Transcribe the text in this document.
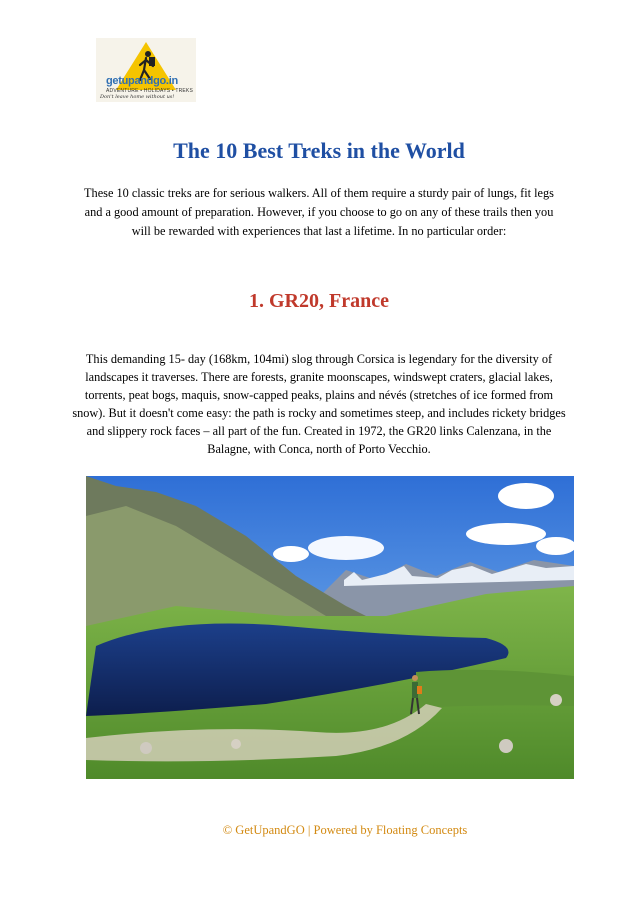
getupandgo.in
ADVENTURE • HOLIDAYS • TREKS
Don't leave home without us!
The 10 Best Treks in the World
These 10 classic treks are for serious walkers. All of them require a sturdy pair of lungs, fit legs and a good amount of preparation. However, if you choose to go on any of these trails then you will be rewarded with experiences that last a lifetime. In no particular order:
1. GR20, France
This demanding 15- day (168km, 104mi) slog through Corsica is legendary for the diversity of landscapes it traverses. There are forests, granite moonscapes, windswept craters, glacial lakes, torrents, peat bogs, maquis, snow-capped peaks, plains and névés (stretches of ice formed from snow). But it doesn't come easy: the path is rocky and sometimes steep, and includes rickety bridges and slippery rock faces – all part of the fun. Created in 1972, the GR20 links Calenzana, in the Balagne, with Conca, north of Porto Vecchio.
© GetUpandGO | Powered by Floating Concepts
